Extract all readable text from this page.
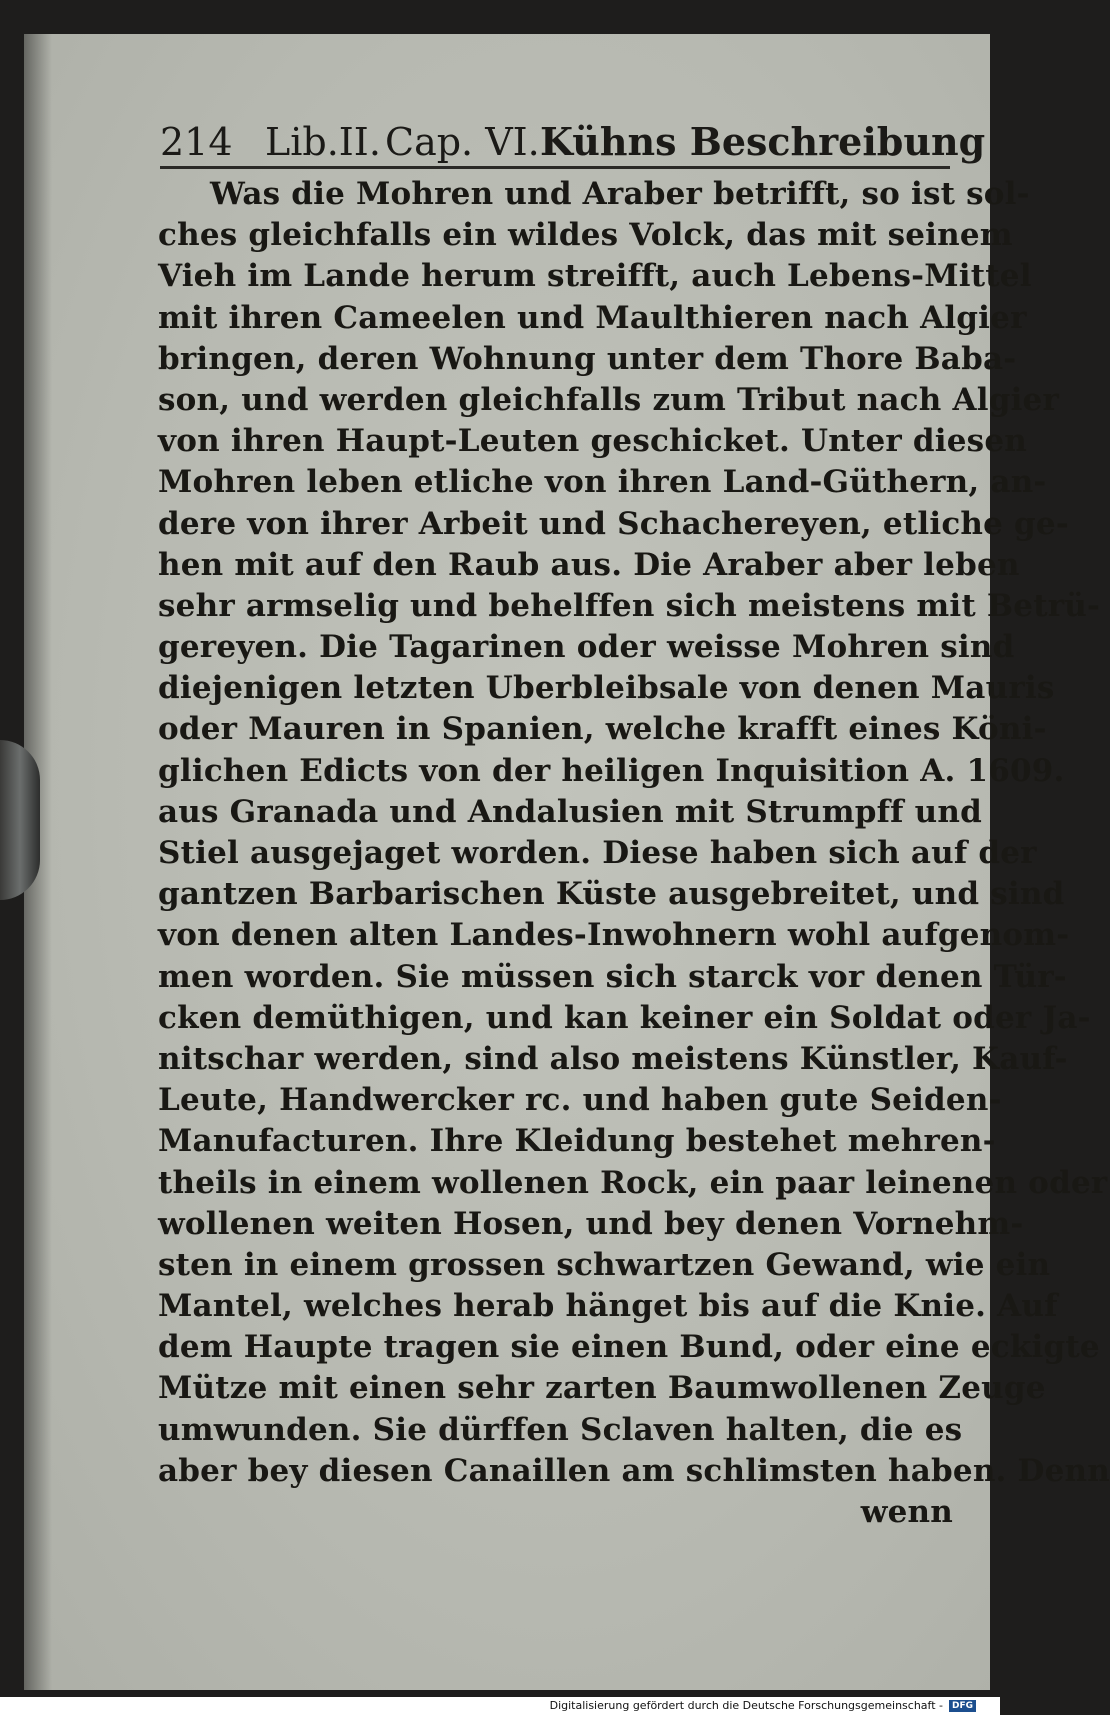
214 Lib.II. Cap. VI. Kühns Beschreibung
Was die Mohren und Araber betrifft, so ist sol-
ches gleichfalls ein wildes Volck, das mit seinem
Vieh im Lande herum streifft, auch Lebens-Mittel
mit ihren Cameelen und Maulthieren nach Algier
bringen, deren Wohnung unter dem Thore Baba-
son, und werden gleichfalls zum Tribut nach Algier
von ihren Haupt-Leuten geschicket. Unter diesen
Mohren leben etliche von ihren Land-Güthern, an-
dere von ihrer Arbeit und Schachereyen, etliche ge-
hen mit auf den Raub aus. Die Araber aber leben
sehr armselig und behelffen sich meistens mit Betrü-
gereyen. Die Tagarinen oder weisse Mohren sind
diejenigen letzten Uberbleibsale von denen Mauris
oder Mauren in Spanien, welche krafft eines Köni-
glichen Edicts von der heiligen Inquisition A. 1609.
aus Granada und Andalusien mit Strumpff und
Stiel ausgejaget worden. Diese haben sich auf der
gantzen Barbarischen Küste ausgebreitet, und sind
von denen alten Landes-Inwohnern wohl aufgenom-
men worden. Sie müssen sich starck vor denen Tür-
cken demüthigen, und kan keiner ein Soldat oder Ja-
nitschar werden, sind also meistens Künstler, Kauf-
Leute, Handwercker rc. und haben gute Seiden-
Manufacturen. Ihre Kleidung bestehet mehren-
theils in einem wollenen Rock, ein paar leinenen oder
wollenen weiten Hosen, und bey denen Vornehm-
sten in einem grossen schwartzen Gewand, wie ein
Mantel, welches herab hänget bis auf die Knie. Auf
dem Haupte tragen sie einen Bund, oder eine eckigte
Mütze mit einen sehr zarten Baumwollenen Zeuge
umwunden. Sie dürffen Sclaven halten, die es
aber bey diesen Canaillen am schlimsten haben. Denn
wenn
Digitalisierung gefördert durch die Deutsche Forschungsgemeinschaft - DFG
